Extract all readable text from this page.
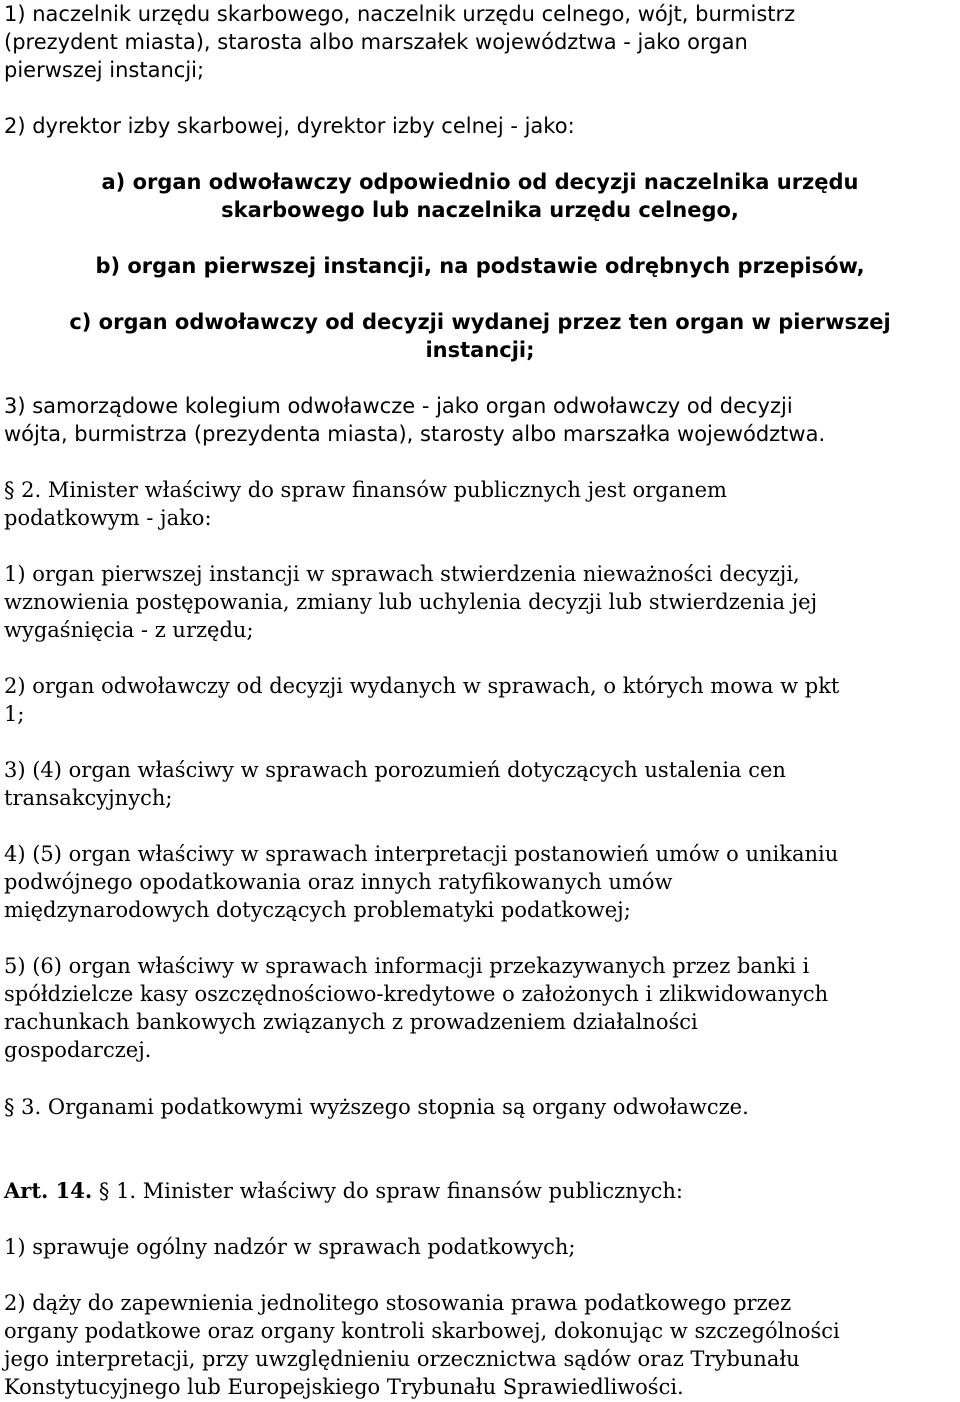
1) naczelnik urzędu skarbowego, naczelnik urzędu celnego, wójt, burmistrz

(prezydent miasta), starosta albo marszałek województwa - jako organ

pierwszej instancji;

2) dyrektor izby skarbowej, dyrektor izby celnej - jako:

a) organ odwoławczy odpowiednio od decyzji naczelnika urzędu

skarbowego lub naczelnika urzędu celnego,

b) organ pierwszej instancji, na podstawie odrębnych przepisów,

c) organ odwoławczy od decyzji wydanej przez ten organ w pierwszej

instancji;

3) samorządowe kolegium odwoławcze - jako organ odwoławczy od decyzji

wójta, burmistrza (prezydenta miasta), starosty albo marszałka województwa.

§ 2. Minister właściwy do spraw finansów publicznych jest organem

podatkowym - jako:

1) organ pierwszej instancji w sprawach stwierdzenia nieważności decyzji,

wznowienia postępowania, zmiany lub uchylenia decyzji lub stwierdzenia jej

wygaśnięcia - z urzędu;

2) organ odwoławczy od decyzji wydanych w sprawach, o których mowa w pkt

1;

3) (4) organ właściwy w sprawach porozumień dotyczących ustalenia cen

transakcyjnych;

4) (5) organ właściwy w sprawach interpretacji postanowień umów o unikaniu

podwójnego opodatkowania oraz innych ratyfikowanych umów

międzynarodowych dotyczących problematyki podatkowej;

5) (6) organ właściwy w sprawach informacji przekazywanych przez banki i

spółdzielcze kasy oszczędnościowo-kredytowe o założonych i zlikwidowanych

rachunkach bankowych związanych z prowadzeniem działalności

gospodarczej.

§ 3. Organami podatkowymi wyższego stopnia są organy odwoławcze.

Art. 14. § 1. Minister właściwy do spraw finansów publicznych:

1) sprawuje ogólny nadzór w sprawach podatkowych;

2) dąży do zapewnienia jednolitego stosowania prawa podatkowego przez

organy podatkowe oraz organy kontroli skarbowej, dokonując w szczególności

jego interpretacji, przy uwzględnieniu orzecznictwa sądów oraz Trybunału

Konstytucyjnego lub Europejskiego Trybunału Sprawiedliwości.
